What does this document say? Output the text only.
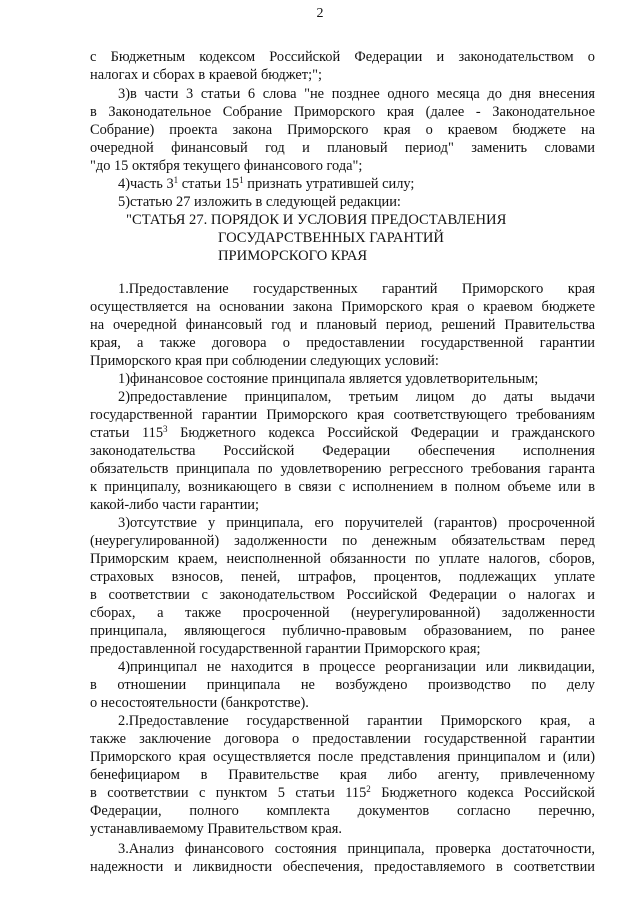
2
с Бюджетным кодексом Российской Федерации и законодательством о
налогах и сборах в краевой бюджет;";
3)в части 3 статьи 6 слова "не позднее одного месяца до дня внесения
в Законодательное Собрание Приморского края (далее - Законодательное
Собрание) проекта закона Приморского края о краевом бюджете на
очередной финансовый год и плановый период" заменить словами
"до 15 октября текущего финансового года";
4)часть $3^1$ статьи $15^1$ признать утратившей силу;
5)статью 27 изложить в следующей редакции:
"СТАТЬЯ 27. ПОРЯДОК И УСЛОВИЯ ПРЕДОСТАВЛЕНИЯ
ГОСУДАРСТВЕННЫХ ГАРАНТИЙ
ПРИМОРСКОГО КРАЯ
1.Предоставление государственных гарантий Приморского края
осуществляется на основании закона Приморского края о краевом бюджете
на очередной финансовый год и плановый период, решений Правительства
края, а также договора о предоставлении государственной гарантии
Приморского края при соблюдении следующих условий:
1)финансовое состояние принципала является удовлетворительным;
2)предоставление принципалом, третьим лицом до даты выдачи
государственной гарантии Приморского края соответствующего требованиям
статьи $115^3$ Бюджетного кодекса Российской Федерации и гражданского
законодательства Российской Федерации обеспечения исполнения
обязательств принципала по удовлетворению регрессного требования гаранта
к принципалу, возникающего в связи с исполнением в полном объеме или в
какой-либо части гарантии;
3)отсутствие у принципала, его поручителей (гарантов) просроченной
(неурегулированной) задолженности по денежным обязательствам перед
Приморским краем, неисполненной обязанности по уплате налогов, сборов,
страховых взносов, пеней, штрафов, процентов, подлежащих уплате
в соответствии с законодательством Российской Федерации о налогах и
сборах, а также просроченной (неурегулированной) задолженности
принципала, являющегося публично-правовым образованием, по ранее
предоставленной государственной гарантии Приморского края;
4)принципал не находится в процессе реорганизации или ликвидации,
в отношении принципала не возбуждено производство по делу
о несостоятельности (банкротстве).
2.Предоставление государственной гарантии Приморского края, а
также заключение договора о предоставлении государственной гарантии
Приморского края осуществляется после представления принципалом и (или)
бенефициаром в Правительстве края либо агенту, привлеченному
в соответствии с пунктом 5 статьи $115^2$ Бюджетного кодекса Российской
Федерации, полного комплекта документов согласно перечню,
устанавливаемому Правительством края.
3.Анализ финансового состояния принципала, проверка достаточности,
надежности и ликвидности обеспечения, предоставляемого в соответствии
